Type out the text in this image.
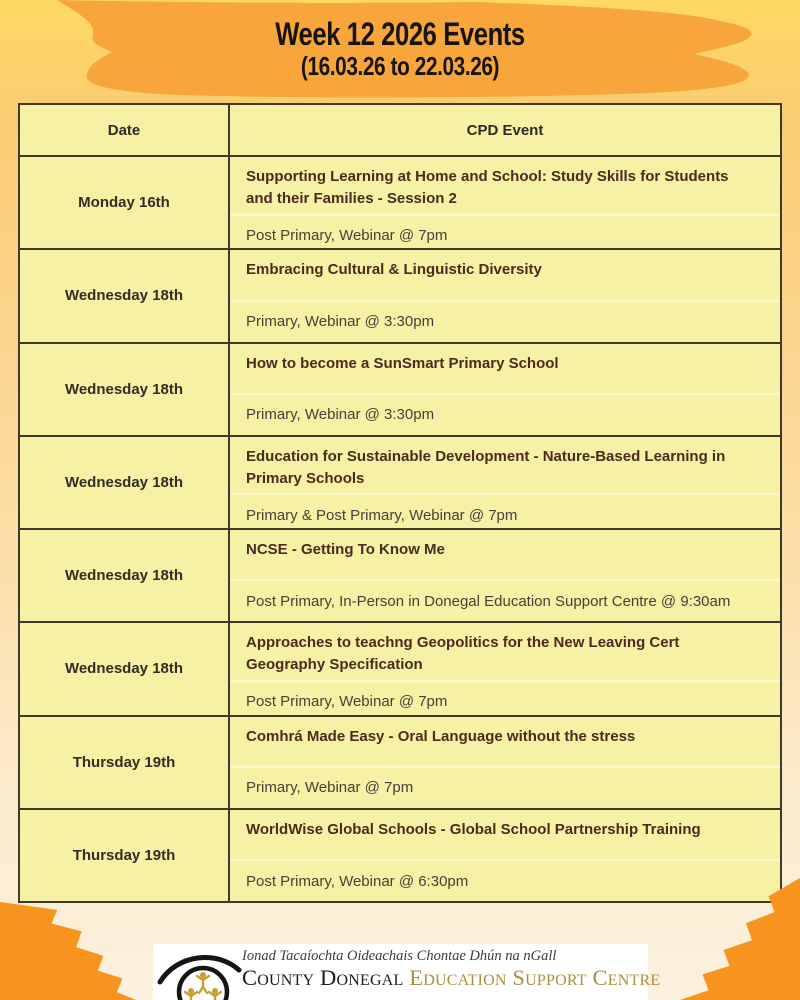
Week 12 2026 Events
(16.03.26 to 22.03.26)
Date	CPD Event
Monday 16th
Supporting Learning at Home and School: Study Skills for Students and their Families - Session 2
Post Primary, Webinar @ 7pm
Wednesday 18th
Embracing Cultural & Linguistic Diversity
Primary, Webinar @ 3:30pm
Wednesday 18th
How to become a SunSmart Primary School
Primary, Webinar @ 3:30pm
Wednesday 18th
Education for Sustainable Development - Nature-Based Learning in Primary Schools
Primary & Post Primary, Webinar @ 7pm
Wednesday 18th
NCSE - Getting To Know Me
Post Primary, In-Person in Donegal Education Support Centre @ 9:30am
Wednesday 18th
Approaches to teachng Geopolitics for the New Leaving Cert Geography Specification
Post Primary, Webinar @ 7pm
Thursday 19th
Comhrá Made Easy - Oral Language without the stress
Primary, Webinar @ 7pm
Thursday 19th
WorldWise Global Schools - Global School Partnership Training
Post Primary, Webinar @ 6:30pm
Ionad Tacaíochta Oideachais Chontae Dhún na nGall
County Donegal Education Support Centre
